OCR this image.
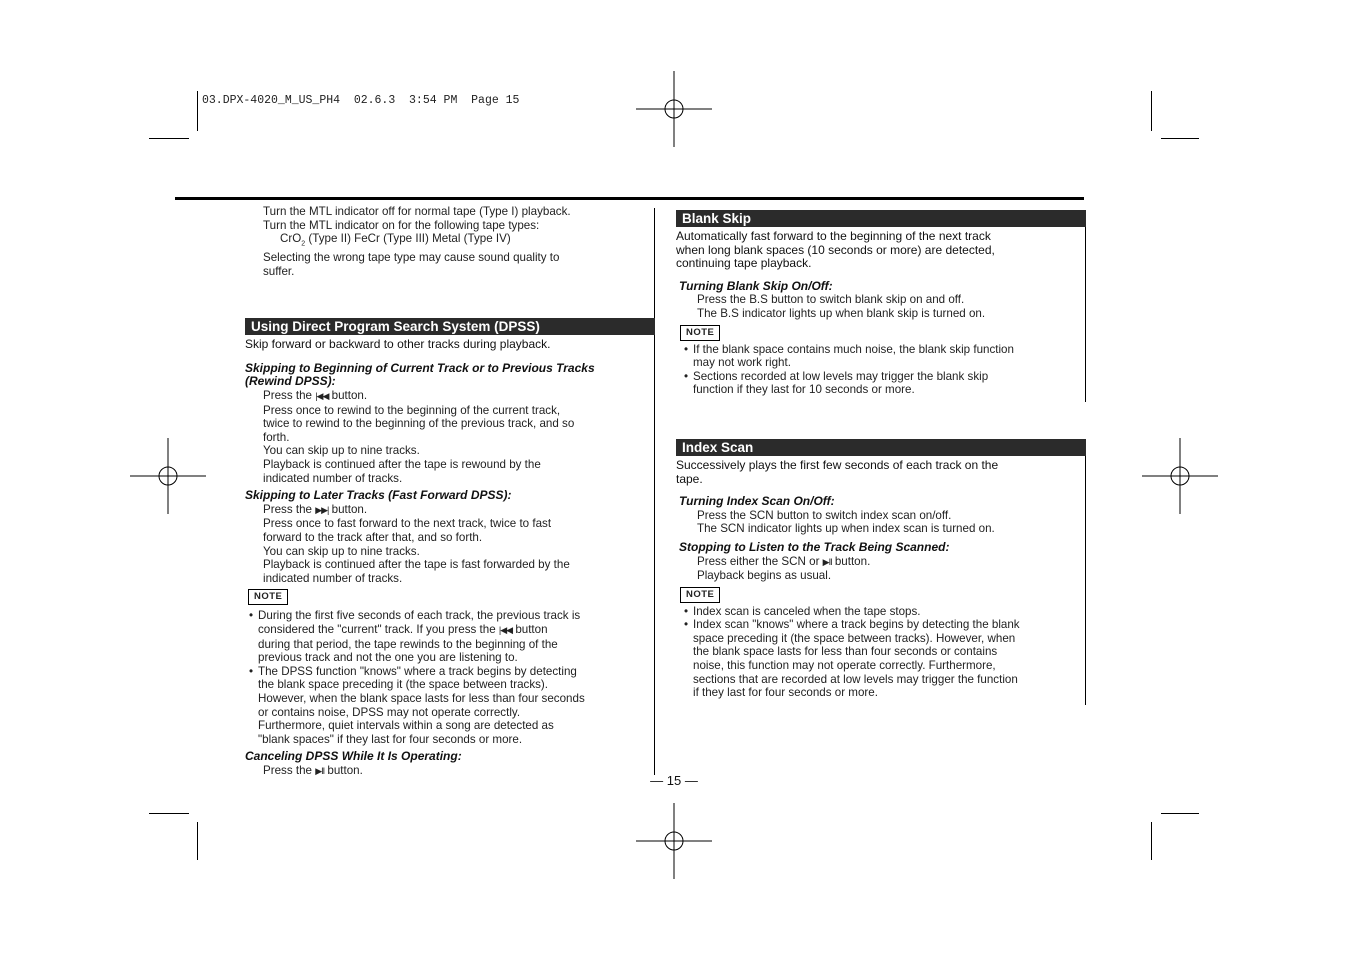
03.DPX-4020_M_US_PH4  02.6.3  3:54 PM  Page 15

Turn the MTL indicator off for normal tape (Type I) playback.

Turn the MTL indicator on for the following tape types:

CrO$_2$ (Type II) FeCr (Type III) Metal (Type IV)

Selecting the wrong tape type may cause sound quality to

suffer.

Using Direct Program Search System (DPSS)

Skip forward or backward to other tracks during playback.

Skipping to Beginning of Current Track or to Previous Tracks

(Rewind DPSS):

Press the |◀◀ button.

Press once to rewind to the beginning of the current track,

twice to rewind to the beginning of the previous track, and so

forth.

You can skip up to nine tracks.

Playback is continued after the tape is rewound by the

indicated number of tracks.

Skipping to Later Tracks (Fast Forward DPSS):

Press the ▶▶| button.

Press once to fast forward to the next track, twice to fast

forward to the track after that, and so forth.

You can skip up to nine tracks.

Playback is continued after the tape is fast forwarded by the

indicated number of tracks.

NOTE
• During the first five seconds of each track, the previous track is

considered the "current" track. If you press the |◀◀ button

during that period, the tape rewinds to the beginning of the

previous track and not the one you are listening to.

• The DPSS function "knows" where a track begins by detecting

the blank space preceding it (the space between tracks).

However, when the blank space lasts for less than four seconds

or contains noise, DPSS may not operate correctly.

Furthermore, quiet intervals within a song are detected as

"blank spaces" if they last for four seconds or more.

Canceling DPSS While It Is Operating:

Press the ▶II button.

Blank Skip

Automatically fast forward to the beginning of the next track

when long blank spaces (10 seconds or more) are detected,

continuing tape playback.

Turning Blank Skip On/Off:

Press the B.S button to switch blank skip on and off.

The B.S indicator lights up when blank skip is turned on.

NOTE
• If the blank space contains much noise, the blank skip function

may not work right.

• Sections recorded at low levels may trigger the blank skip

function if they last for 10 seconds or more.

Index Scan

Successively plays the first few seconds of each track on the

tape.

Turning Index Scan On/Off:

Press the SCN button to switch index scan on/off.

The SCN indicator lights up when index scan is turned on.

Stopping to Listen to the Track Being Scanned:

Press either the SCN or ▶II button.

Playback begins as usual.

NOTE
• Index scan is canceled when the tape stops.

• Index scan "knows" where a track begins by detecting the blank

space preceding it (the space between tracks). However, when

the blank space lasts for less than four seconds or contains

noise, this function may not operate correctly. Furthermore,

sections that are recorded at low levels may trigger the function

if they last for four seconds or more.

— 15 —
